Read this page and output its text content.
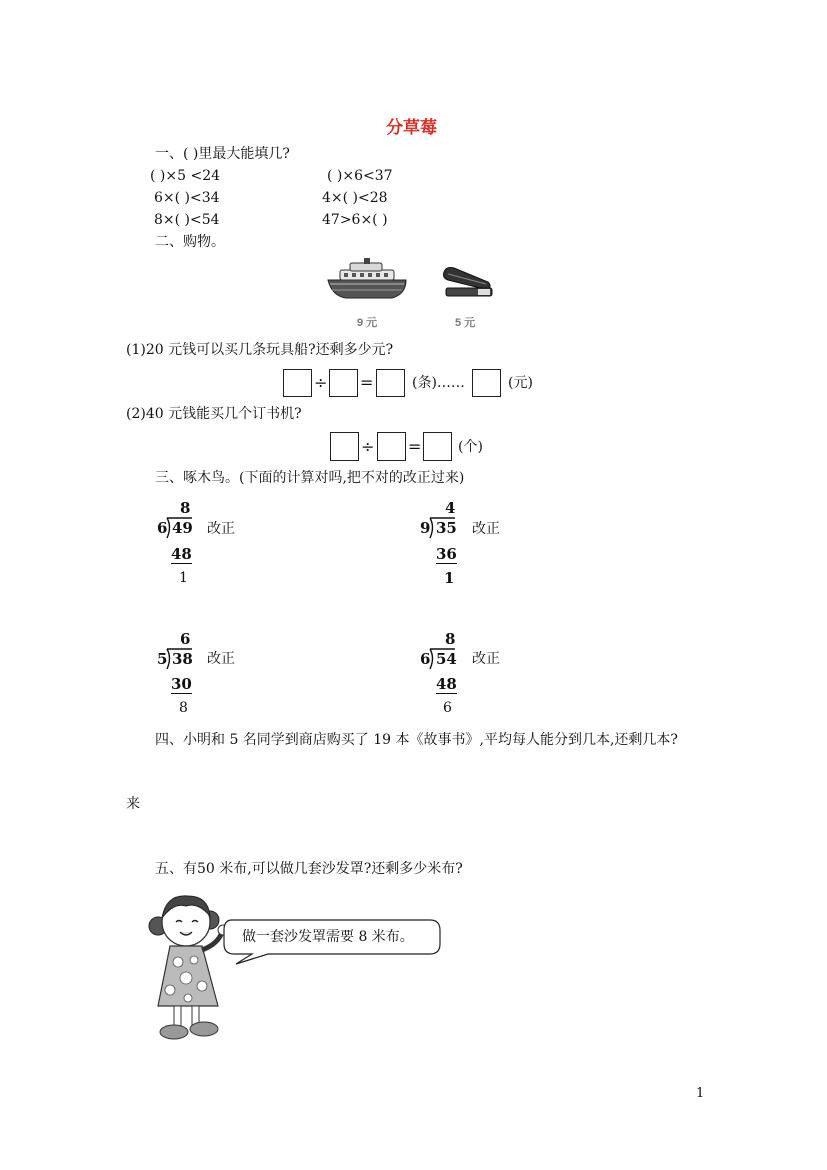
分草莓
一、( )里最大能填几?
( )×5 <24	( )×6<37
6×( )<34	4×( )<28
8×( )<54	47>6×( )
二、购物。
9 元	5 元
(1)20 元钱可以买几条玩具船?还剩多少元?
÷ =	(条)……	(元)
(2)40 元钱能买几个订书机?
÷ =	(个)
三、啄木鸟。(下面的计算对吗,把不对的改正过来)
8
6 49
48
1
改正
4
9 35
36
1
改正
6
5 38
30
8
改正
8
6 54
48
6
改正
四、小明和 5 名同学到商店购买了 19 本《故事书》,平均每人能分到几本,还剩几本?
来
五、有50 米布,可以做几套沙发罩?还剩多少米布?
做一套沙发罩需要 8 米布。
1
